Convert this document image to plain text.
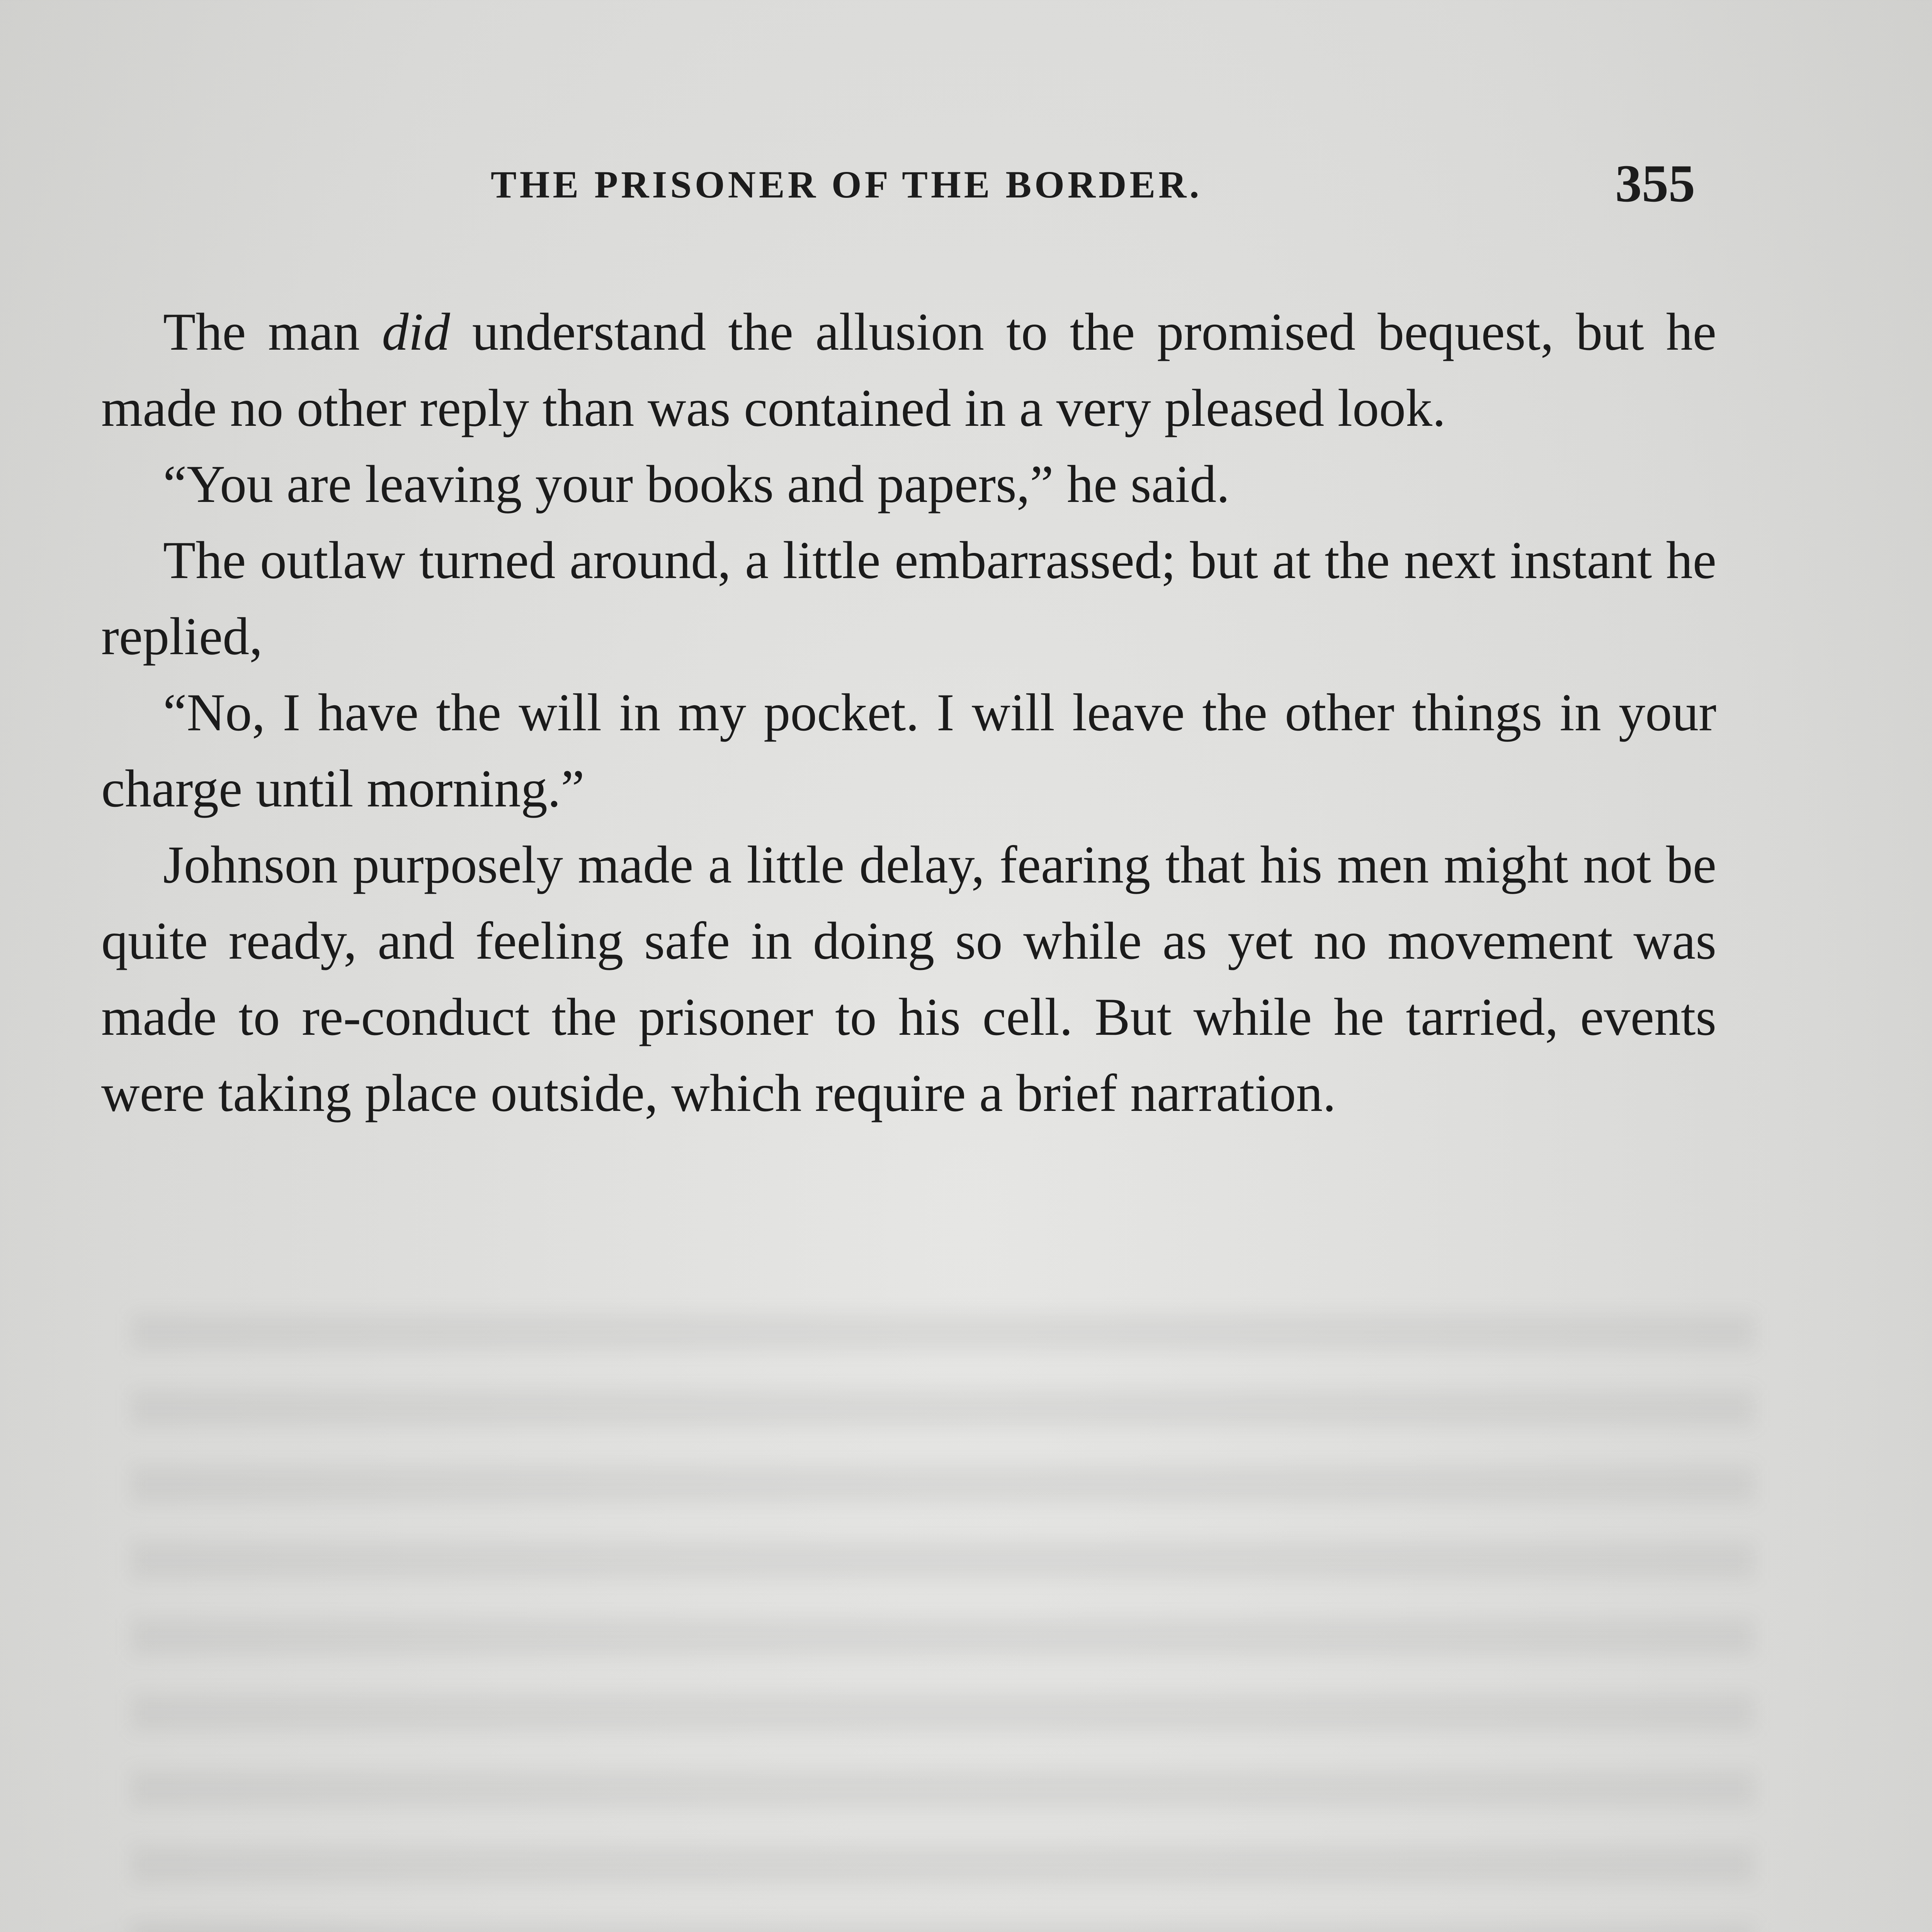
THE PRISONER OF THE BORDER.	355

The man did understand the allusion to the promised bequest, but he made no other reply than was contained in a very pleased look.

“You are leaving your books and papers,” he said.

The outlaw turned around, a little embarrassed; but at the next instant he replied,

“No, I have the will in my pocket. I will leave the other things in your charge until morning.”

Johnson purposely made a little delay, fearing that his men might not be quite ready, and feeling safe in doing so while as yet no movement was made to re-conduct the prisoner to his cell. But while he tarried, events were taking place outside, which require a brief narration.
